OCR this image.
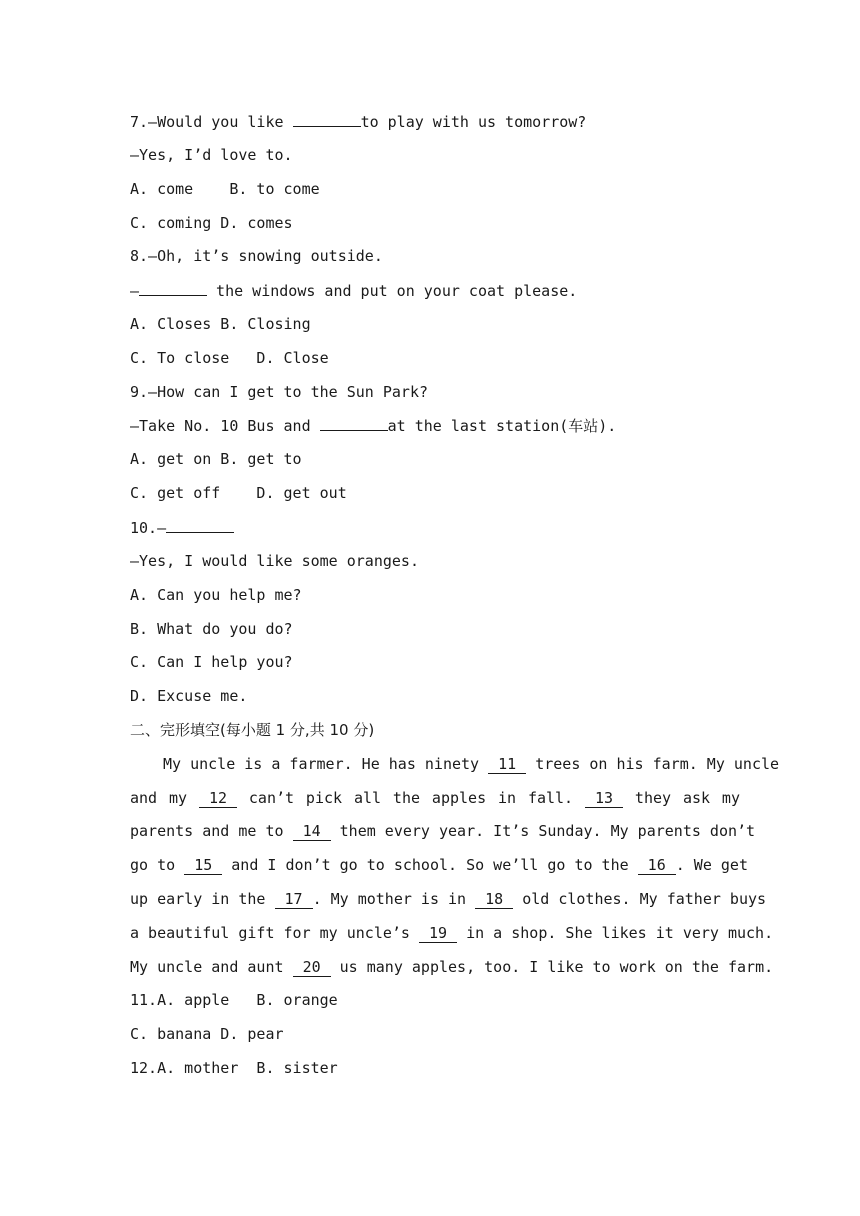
7.—Would you like	to play with us tomorrow?
—Yes, I’d love to.
A. come    B. to come
C. coming D. comes
8.—Oh, it’s snowing outside.
—	the windows and put on your coat please.
A. Closes B. Closing
C. To close   D. Close
9.—How can I get to the Sun Park?
—Take No. 10 Bus and	at the last station(车站).
A. get on B. get to
C. get off    D. get out
10.—
—Yes, I would like some oranges.
A. Can you help me?
B. What do you do?
C. Can I help you?
D. Excuse me.
二、完形填空(每小题 1 分,共 10 分)
My uncle is a farmer. He has ninety 11 trees on his farm. My uncle
and my 12 can’t pick all the apples in fall. 13 they ask my
parents and me to 14 them every year. It’s Sunday. My parents don’t
go to 15 and I don’t go to school. So we’ll go to the 16 . We get
up early in the 17 . My mother is in 18 old clothes. My father buys
a beautiful gift for my uncle’s 19 in a shop. She likes it very much.
My uncle and aunt 20 us many apples, too. I like to work on the farm.
11.A. apple   B. orange
C. banana D. pear
12.A. mother  B. sister
